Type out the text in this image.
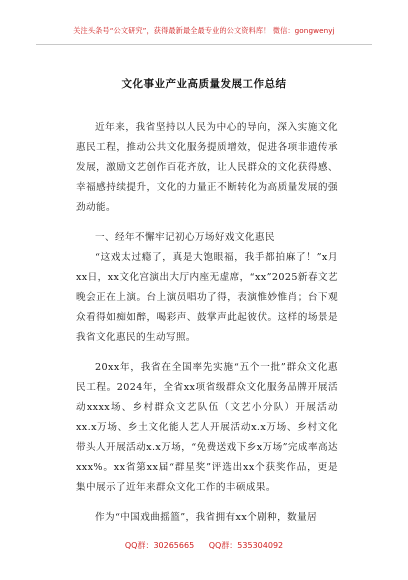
关注头条号“公文研究”，获得最新最全最专业的公文资料库！ 微信：gongwenyj
文化事业产业高质量发展工作总结

近年来，我省坚持以人民为中心的导向，深入实施文化惠民工程，推动公共文化服务提质增效，促进各项非遗传承发展，激励文艺创作百花齐放，让人民群众的文化获得感、幸福感持续提升，文化的力量正不断转化为高质量发展的强劲动能。

一、经年不懈牢记初心万场好戏文化惠民

“这戏太过瘾了，真是大饱眼福，我手都拍麻了！”x月xx日，xx文化宫演出大厅内座无虚席，“xx”2025新春文艺晚会正在上演。台上演员唱功了得，表演惟妙惟肖；台下观众看得如痴如醉，喝彩声、鼓掌声此起彼伏。这样的场景是我省文化惠民的生动写照。

20xx年，我省在全国率先实施“五个一批”群众文化惠民工程。2024年，全省xx项省级群众文化服务品牌开展活动xxxx场、乡村群众文艺队伍（文艺小分队）开展活动xx.x万场、乡土文化能人艺人开展活动x.x万场、乡村文化带头人开展活动x.x万场，“免费送戏下乡x万场”完成率高达xxx%。xx省第xx届“群星奖”评选出xx个获奖作品，更是集中展示了近年来群众文化工作的丰硕成果。

作为“中国戏曲摇篮”，我省拥有xx个剧种，数量居

QQ群：30265665 QQ群：535304092
